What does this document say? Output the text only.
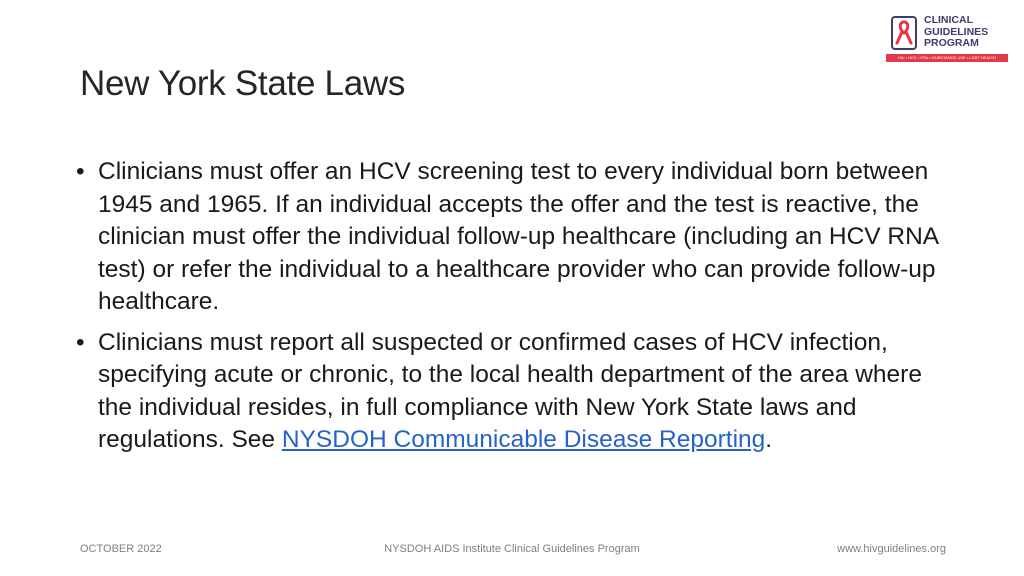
New York State Laws
CLINICAL
GUIDELINES
PROGRAM
HIV • HCV • STIs • SUBSTANCE USE • LGBT HEALTH
• Clinicians must offer an HCV screening test to every individual born between 1945 and 1965. If an individual accepts the offer and the test is reactive, the clinician must offer the individual follow-up healthcare (including an HCV RNA test) or refer the individual to a healthcare provider who can provide follow-up healthcare.
• Clinicians must report all suspected or confirmed cases of HCV infection, specifying acute or chronic, to the local health department of the area where the individual resides, in full compliance with New York State laws and regulations. See NYSDOH Communicable Disease Reporting.
OCTOBER 2022	NYSDOH AIDS Institute Clinical Guidelines Program	www.hivguidelines.org
